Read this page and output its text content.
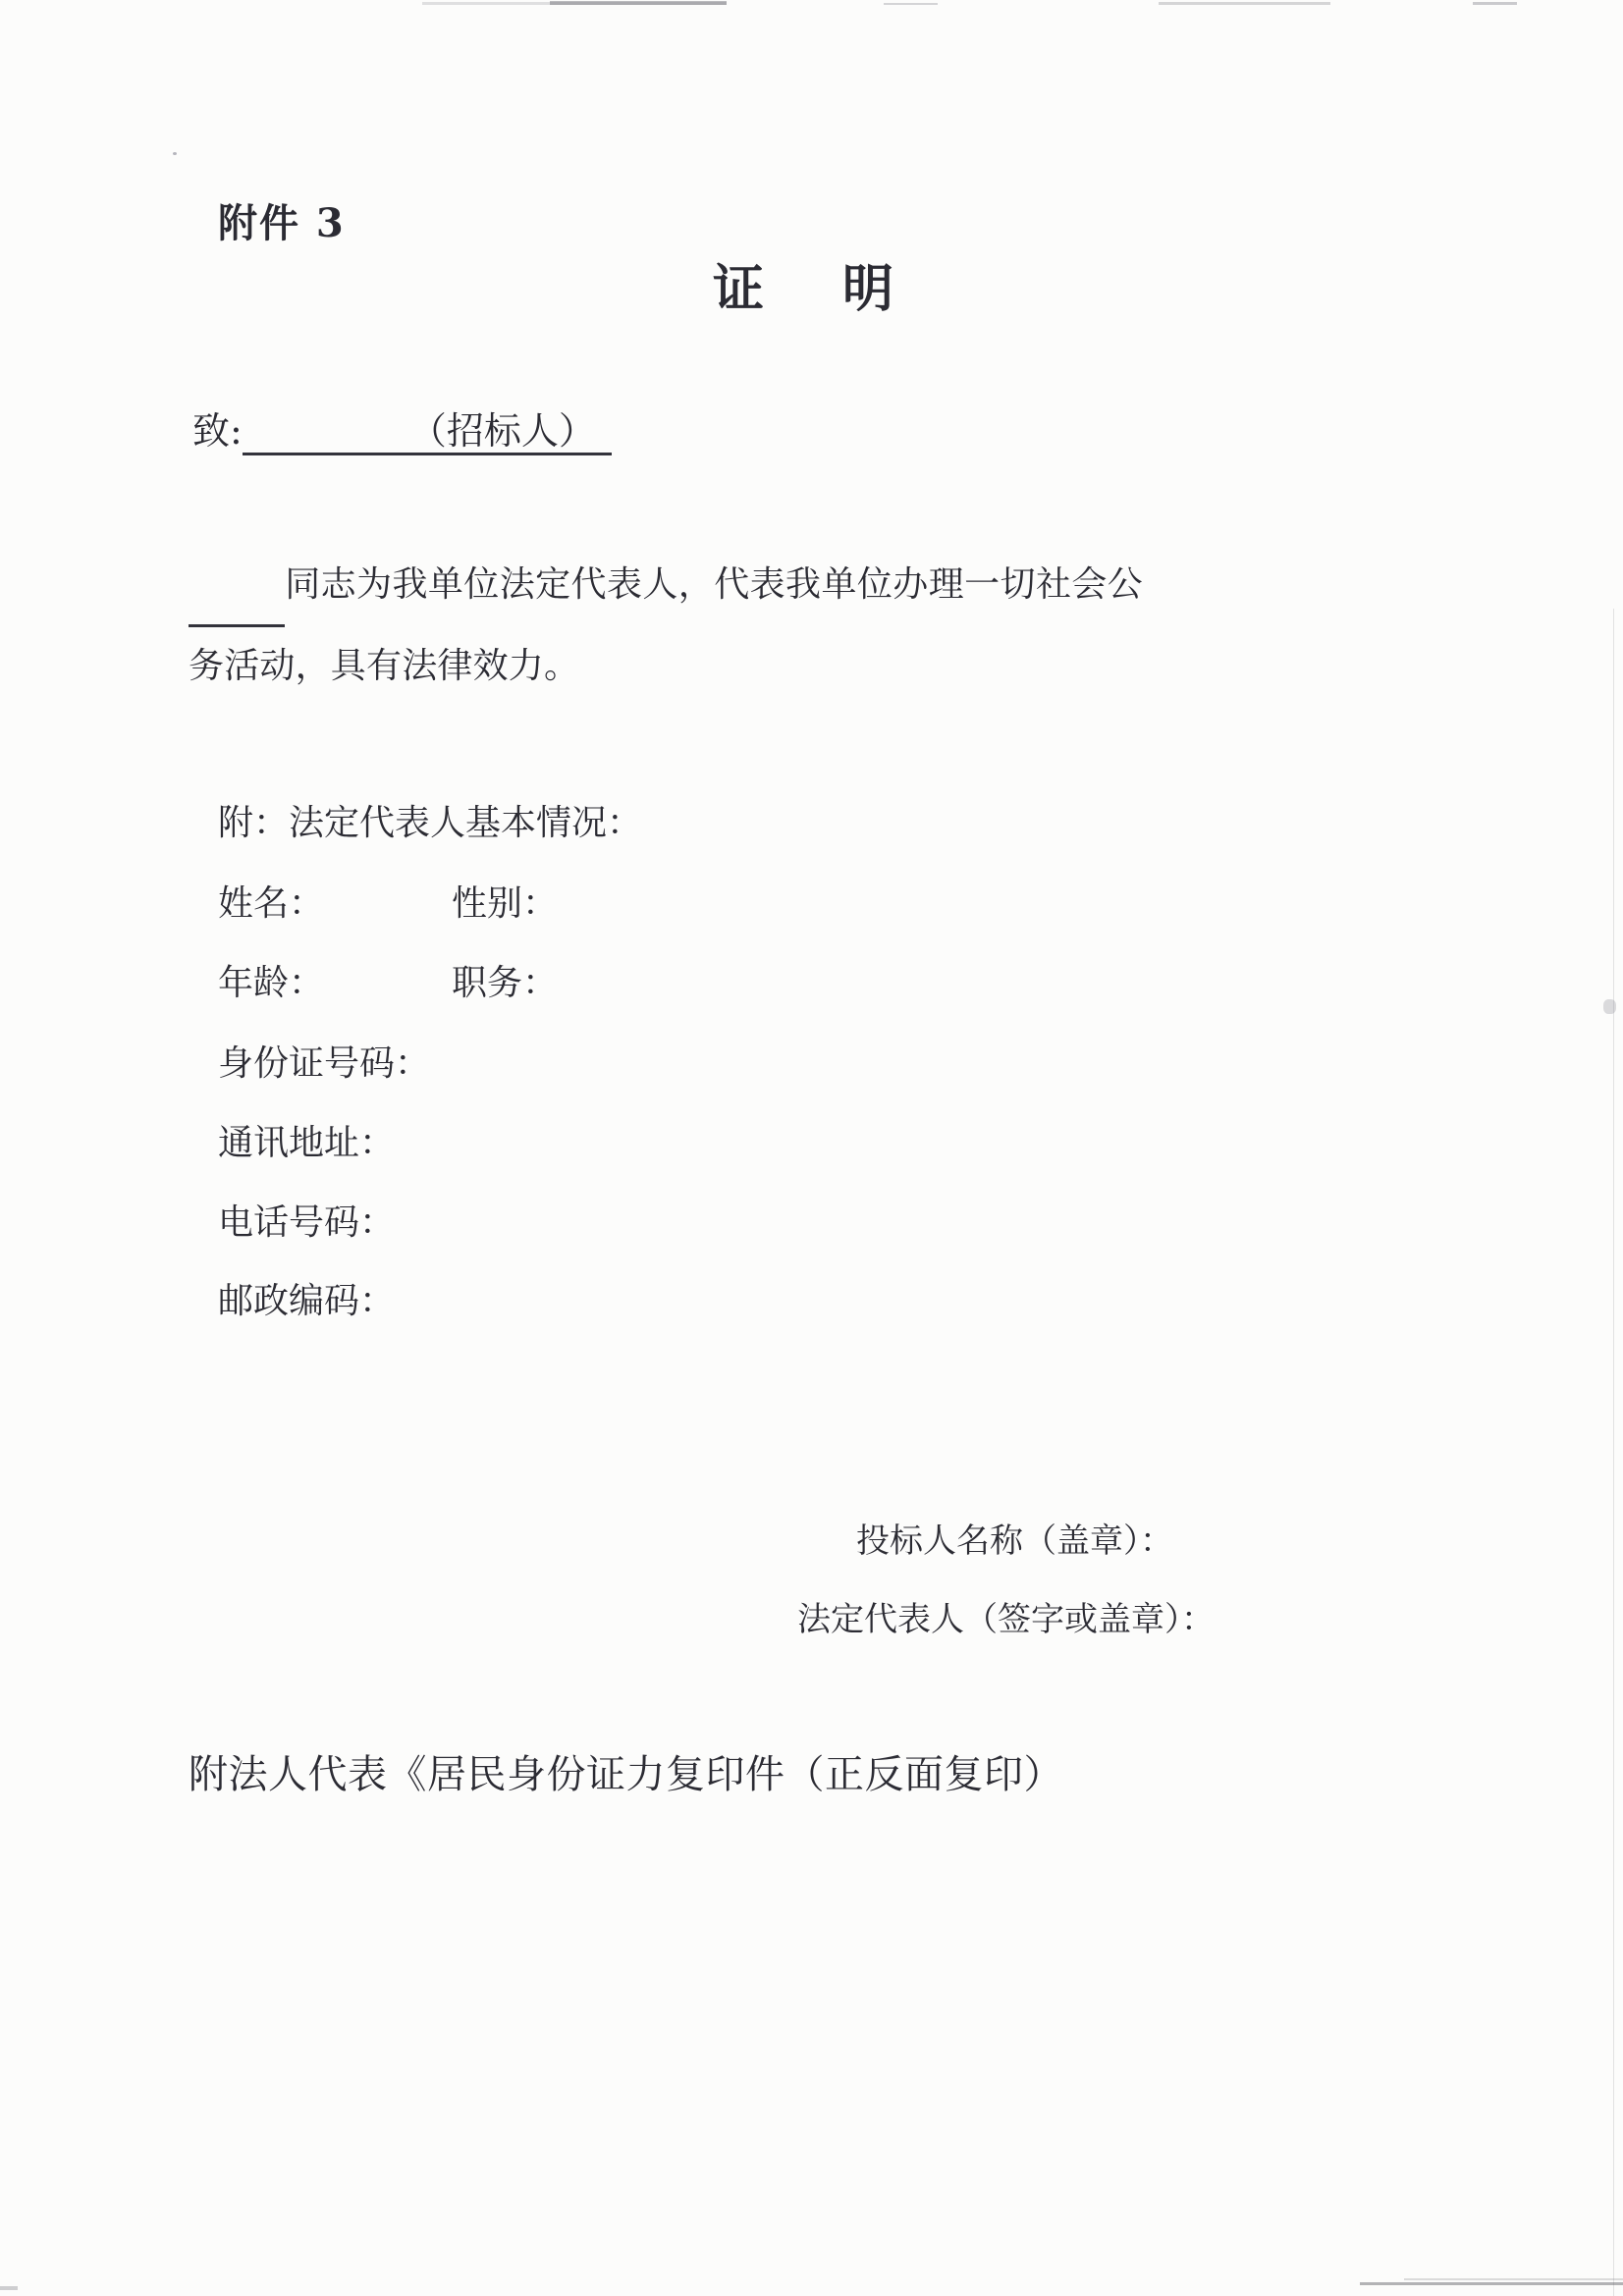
附件 3
证　明
致:	（招标人）
同志为我单位法定代表人，代表我单位办理一切社会公务活动，具有法律效力。
附：法定代表人基本情况：
姓名：	性别：
年龄：	职务：
身份证号码：
通讯地址：
电话号码：
邮政编码：
投标人名称（盖章）：
法定代表人（签字或盖章）：
附法人代表《居民身份证力复印件（正反面复印）
